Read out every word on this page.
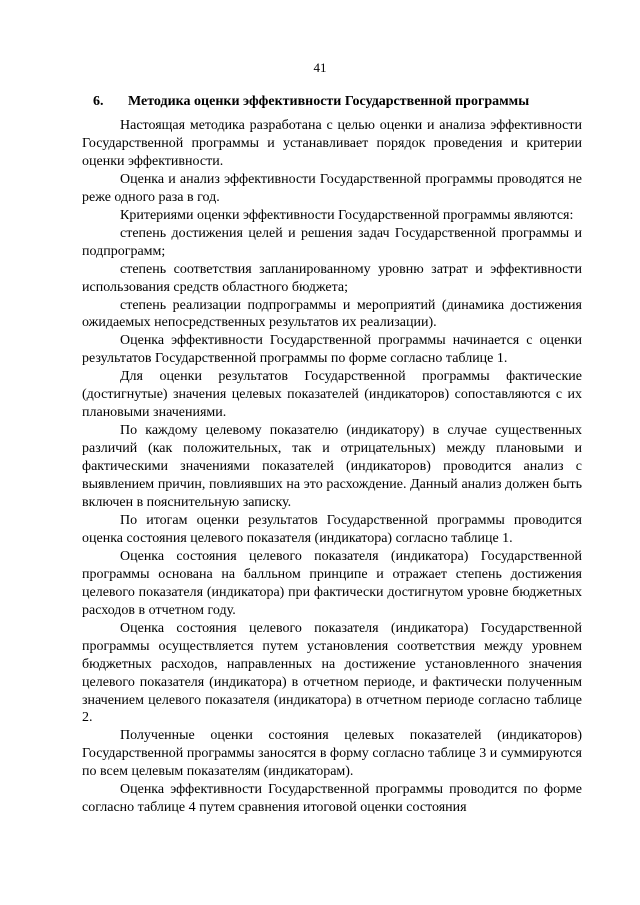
41
6. Методика оценки эффективности Государственной программы

Настоящая методика разработана с целью оценки и анализа эффективности Государственной программы и устанавливает порядок проведения и критерии оценки эффективности.

Оценка и анализ эффективности Государственной программы проводятся не реже одного раза в год.

Критериями оценки эффективности Государственной программы являются:

степень достижения целей и решения задач Государственной программы и подпрограмм;

степень соответствия запланированному уровню затрат и эффективности использования средств областного бюджета;

степень реализации подпрограммы и мероприятий (динамика достижения ожидаемых непосредственных результатов их реализации).

Оценка эффективности Государственной программы начинается с оценки результатов Государственной программы по форме согласно таблице 1.

Для оценки результатов Государственной программы фактические (достигнутые) значения целевых показателей (индикаторов) сопоставляются с их плановыми значениями.

По каждому целевому показателю (индикатору) в случае существенных различий (как положительных, так и отрицательных) между плановыми и фактическими значениями показателей (индикаторов) проводится анализ с выявлением причин, повлиявших на это расхождение. Данный анализ должен быть включен в пояснительную записку.

По итогам оценки результатов Государственной программы проводится оценка состояния целевого показателя (индикатора) согласно таблице 1.

Оценка состояния целевого показателя (индикатора) Государственной программы основана на балльном принципе и отражает степень достижения целевого показателя (индикатора) при фактически достигнутом уровне бюджетных расходов в отчетном году.

Оценка состояния целевого показателя (индикатора) Государственной программы осуществляется путем установления соответствия между уровнем бюджетных расходов, направленных на достижение установленного значения целевого показателя (индикатора) в отчетном периоде, и фактически полученным значением целевого показателя (индикатора) в отчетном периоде согласно таблице 2.

Полученные оценки состояния целевых показателей (индикаторов) Государственной программы заносятся в форму согласно таблице 3 и суммируются по всем целевым показателям (индикаторам).

Оценка эффективности Государственной программы проводится по форме согласно таблице 4 путем сравнения итоговой оценки состояния
